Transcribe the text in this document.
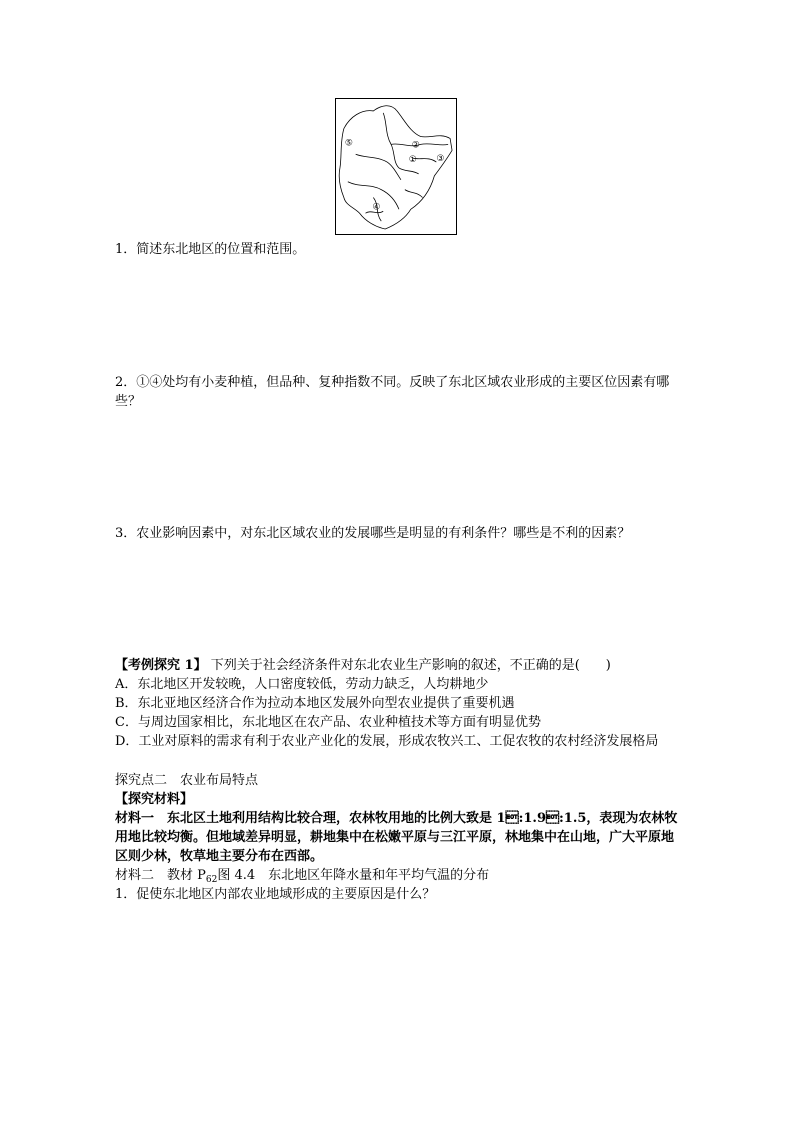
⑤	②
① ③
④
1．简述东北地区的位置和范围。
2．①④处均有小麦种植，但品种、复种指数不同。反映了东北区域农业形成的主要区位因素有哪些？
3．农业影响因素中，对东北区域农业的发展哪些是明显的有利条件？哪些是不利的因素？
【考例探究 1】 下列关于社会经济条件对东北农业生产影响的叙述，不正确的是(　　)
A．东北地区开发较晚，人口密度较低，劳动力缺乏，人均耕地少
B．东北亚地区经济合作为拉动本地区发展外向型农业提供了重要机遇
C．与周边国家相比，东北地区在农产品、农业种植技术等方面有明显优势
D．工业对原料的需求有利于农业产业化的发展，形成农牧兴工、工促农牧的农村经济发展格局
探究点二　农业布局特点
【探究材料】
材料一　东北区土地利用结构比较合理，农林牧用地的比例大致是 1:1.9:1.5，表现为农林牧用地比较均衡。但地域差异明显，耕地集中在松嫩平原与三江平原，林地集中在山地，广大平原地区则少林，牧草地主要分布在西部。
材料二　教材 $P_{62}$图 4.4　东北地区年降水量和年平均气温的分布
1．促使东北地区内部农业地域形成的主要原因是什么？
